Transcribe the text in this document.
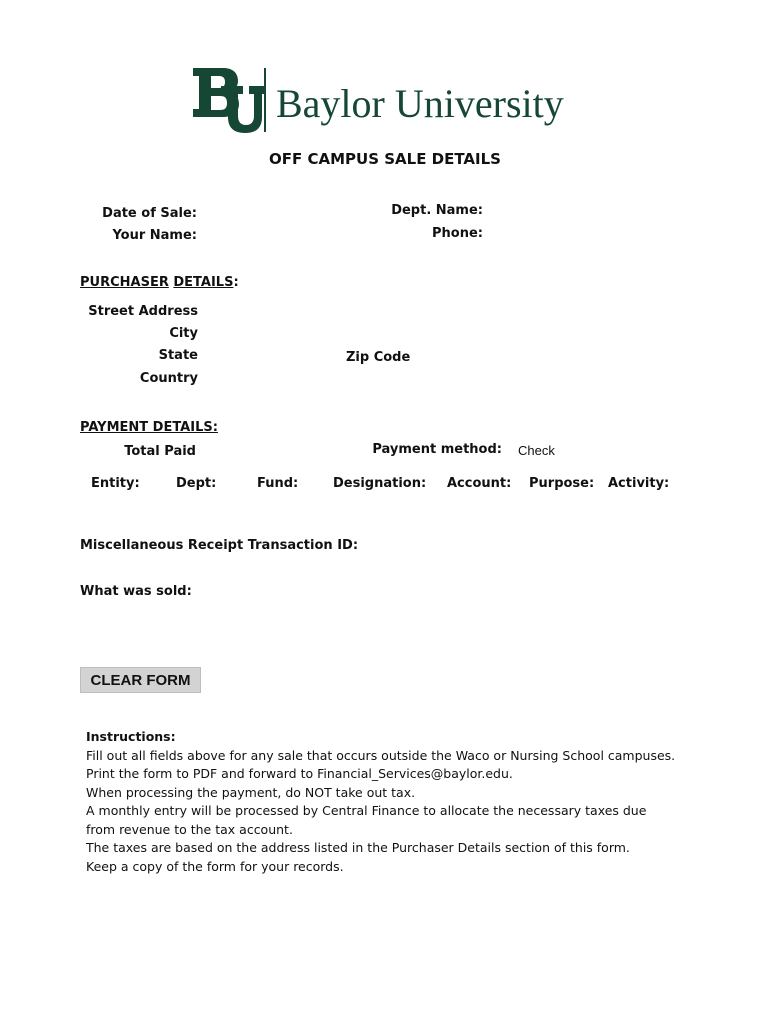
Baylor University
OFF CAMPUS SALE DETAILS
Date of Sale:
Your Name:
Dept. Name:
Phone:
PURCHASER DETAILS:
Street Address
City
State
Country
Zip Code
PAYMENT DETAILS:
Total Paid	Payment method: Check
Entity:	Dept:	Fund:	Designation: Account: Purpose: Activity:
Miscellaneous Receipt Transaction ID:
What was sold:
CLEAR FORM
Instructions:
Fill out all fields above for any sale that occurs outside the Waco or Nursing School campuses.
Print the form to PDF and forward to Financial_Services@baylor.edu.
When processing the payment, do NOT take out tax.
A monthly entry will be processed by Central Finance to allocate the necessary taxes due from revenue to the tax account.
The taxes are based on the address listed in the Purchaser Details section of this form.
Keep a copy of the form for your records.
